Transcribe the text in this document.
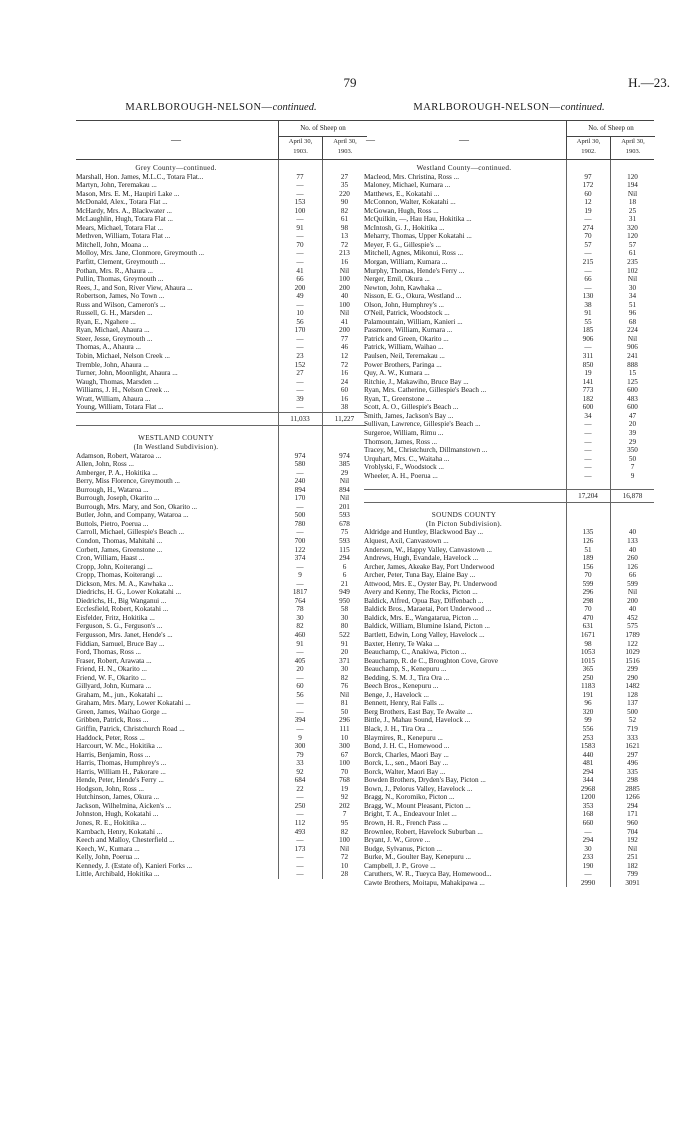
79	H.—23.
MARLBOROUGH-NELSON—continued.
—
No. of Sheep on
April 30,
1903.
April 30,
1903.
Grey County—continued.
Marshall, Hon. James, M.L.C., Totara Flat...	77	27
Martyn, John, Teremakau ...	—	35
Mason, Mrs. E. M., Haupiri Lake ...	—	220
McDonald, Alex., Totara Flat ...	153	90
McHardy, Mrs. A., Blackwater ...	100	82
McLaughlin, Hugh, Totara Flat ...	—	61
Mears, Michael, Totara Flat ...	91	98
Methven, William, Totara Flat ...	—	13
Mitchell, John, Moana ...	70	72
Molloy, Mrs. Jane, Clonmore, Greymouth ...	—	213
Parfitt, Clement, Greymouth ...	—	16
Pothan, Mrs. R., Ahaura ...	41	Nil
Pullin, Thomas, Greymouth ...	66	100
Rees, J., and Son, River View, Ahaura ...	200	200
Robertson, James, No Town ...	49	40
Russ and Wilson, Cameron's ...	—	100
Russell, G. H., Marsden ...	10	Nil
Ryan, E., Ngahere ...	56	41
Ryan, Michael, Ahaura ...	170	200
Steer, Jesse, Greymouth ...	—	77
Thomas, A., Ahaura ...	—	46
Tobin, Michael, Nelson Creek ...	23	12
Tremble, John, Ahaura ...	152	72
Turner, John, Moonlight, Ahaura ...	27	16
Waugh, Thomas, Marsden ...	—	24
Williams, J. H., Nelson Creek ...	—	60
Wratt, William, Ahaura ...	39	16
Young, William, Totara Flat ...	—	38
11,033	11,227
WESTLAND COUNTY
(In Westland Subdivision).
Adamson, Robert, Wataroa ...	974	974
Allen, John, Ross ...	580	385
Amberger, P. A., Hokitika ...	—	29
Berry, Miss Florence, Greymouth ...	240	Nil
Burrough, H., Wataroa ...	894	894
Burrough, Joseph, Okarito ...	170	Nil
Burrough, Mrs. Mary, and Son, Okarito ...	—	201
Butler, John, and Company, Wataroa ...	500	593
Buttols, Pietro, Poerua ...	780	678
Carroll, Michael, Gillespie's Beach ...	—	75
Condon, Thomas, Mahitahi ...	700	593
Corbett, James, Greenstone ...	122	115
Cron, William, Haast ...	374	294
Cropp, John, Koiterangi ...	—	6
Cropp, Thomas, Koiterangi ...	9	6
Dickson, Mrs. M. A., Kawhaka ...	—	21
Diedrichs, H. G., Lower Kokatahi ...	1817	949
Diedrichs, H., Big Wanganui ...	764	950
Ecclesfield, Robert, Kokatahi ...	78	58
Eisfelder, Fritz, Hokitika ...	30	30
Ferguson, S. G., Ferguson's ...	82	80
Fergusson, Mrs. Janet, Hende's ...	460	522
Fiddian, Samuel, Bruce Bay ...	91	91
Ford, Thomas, Ross ...	—	20
Fraser, Robert, Arawata ...	405	371
Friend, H. N., Okarito ...	20	30
Friend, W. F., Okarito ...	—	82
Gillyard, John, Kumara ...	60	76
Graham, M., jun., Kokatahi ...	56	Nil
Graham, Mrs. Mary, Lower Kokatahi ...	—	81
Green, James, Waihao Gorge ...	—	50
Gribben, Patrick, Ross ...	394	296
Griffin, Patrick, Christchurch Road ...	—	111
Haddock, Peter, Ross ...	9	10
Harcourt, W. Mc., Hokitika ...	300	300
Harris, Benjamin, Ross ...	79	67
Harris, Thomas, Humphrey's ...	33	100
Harris, William H., Pakorare ...	92	70
Hende, Peter, Hende's Ferry ...	684	768
Hodgson, John, Ross ...	22	19
Hutchinson, James, Okura ...	—	92
Jackson, Wilhelmina, Aicken's ...	250	202
Johnston, Hugh, Kokatahi ...	—	7
Jones, R. E., Hokitika ...	112	95
Karnbach, Henry, Kokatahi ...	493	82
Keech and Malloy, Chesterfield ...	—	100
Keech, W., Kumara ...	173	Nil
Kelly, John, Poerua ...	—	72
Kennedy, J. (Estate of), Kanieri Forks ...	—	10
Little, Archibald, Hokitika ...	—	28
MARLBOROUGH-NELSON—continued.
—	—
No. of Sheep on
April 30,
1902.
April 30,
1903.
Westland County—continued.
Macleod, Mrs. Christina, Ross ...	97	120
Maloney, Michael, Kumara ...	172	194
Matthews, E., Kokatahi ...	60	Nil
McConnon, Walter, Kokatahi ...	12	18
McGowan, Hugh, Ross ...	19	25
McQuilkin, —, Hau Hau, Hokitika ...	—	31
McIntosh, G. J., Hokitika ...	274	320
Meharry, Thomas, Upper Kokatahi ...	70	120
Meyer, F. G., Gillespie's ...	57	57
Mitchell, Agnes, Mikonui, Ross ...	—	61
Morgan, William, Kumara ...	215	235
Murphy, Thomas, Hende's Ferry ...	—	102
Nerger, Emil, Okura ...	66	Nil
Newton, John, Kawhaka ...	—	30
Nisson, E. G., Okura, Westland ...	130	34
Olson, John, Humphrey's ...	38	51
O'Neil, Patrick, Woodstock ...	91	96
Palamountain, William, Kanieri ...	55	68
Passmore, William, Kumara ...	185	224
Patrick and Green, Okarito ...	906	Nil
Patrick, William, Waihao ...	—	906
Paulsen, Neil, Teremakau ...	311	241
Power Brothers, Paringa ...	850	888
Quy, A. W., Kumara ...	19	15
Ritchie, J., Makawiho, Bruce Bay ...	141	125
Ryan, Mrs. Catherine, Gillespie's Beach ...	773	600
Ryan, T., Greenstone ...	182	483
Scott, A. O., Gillespie's Beach ...	600	600
Smith, James, Jackson's Bay ...	34	47
Sullivan, Lawrence, Gillespie's Beach ...	—	20
Surgeroe, William, Rimu ...	—	39
Thomson, James, Ross ...	—	29
Tracey, M., Christchurch, Dillmanstown ...	—	350
Urquhart, Mrs. C., Waitaha ...	—	50
Vroblyski, F., Woodstock ...	—	7
Wheeler, A. H., Poerua ...	—	9
17,204	16,878
SOUNDS COUNTY
(In Picton Subdivision).
Aldridge and Huntley, Blackwood Bay ...	135	40
Alquest, Axil, Canvastown ...	126	133
Anderson, W., Happy Valley, Canvastown ...	51	40
Andrews, Hugh, Evandale, Havelock ...	189	260
Archer, James, Akeake Bay, Port Underwood	156	126
Archer, Peter, Tuna Bay, Elaine Bay ...	70	66
Attwood, Mrs. E., Oyster Bay, Pt. Underwood	599	599
Avery and Kenny, The Rocks, Picton ...	296	Nil
Baldick, Alfred, Opua Bay, Diffenbach ...	298	200
Baldick Bros., Maraetai, Port Underwood ...	70	40
Baldick, Mrs. E., Wangatarua, Picton ...	470	452
Baldick, William, Blumine Island, Picton ...	631	575
Bartlett, Edwin, Long Valley, Havelock ...	1671	1789
Baxter, Henry, Te Waka ...	98	122
Beauchamp, C., Anakiwa, Picton ...	1053	1029
Beauchamp, R. de C., Broughton Cove, Grove	1015	1516
Beauchamp, S., Kenepuru ...	365	299
Bedding, S. M. J., Tira Ora ...	250	290
Beech Bros., Kenepuru ...	1183	1482
Benge, J., Havelock ...	191	128
Bennett, Henry, Rai Falls ...	96	137
Berg Brothers, East Bay, Te Awaite ...	320	500
Bittle, J., Mahau Sound, Havelock ...	99	52
Black, J. H., Tira Ora ...	556	719
Blaymires, R., Kenepuru ...	253	333
Bond, J. H. C., Homewood ...	1583	1621
Borck, Charles, Maori Bay ...	440	297
Borck, L., sen., Maori Bay ...	481	496
Borck, Walter, Maori Bay ...	294	335
Bowden Brothers, Dryden's Bay, Picton ...	344	298
Bown, J., Pelorus Valley, Havelock ...	2968	2885
Bragg, N., Koromiko, Picton ...	1200	1266
Bragg, W., Mount Pleasant, Picton ...	353	294
Bright, T. A., Endeavour Inlet ...	168	171
Brown, H. R., French Pass ...	660	960
Brownlee, Robert, Havelock Suburban ...	—	704
Bryant, J. W., Grove ...	294	192
Budge, Sylvanus, Picton ...	30	Nil
Burke, M., Goulter Bay, Kenepuru ...	233	251
Campbell, J. P., Grove ...	190	182
Caruthers, W. R., Tueyca Bay, Homewood...	—	799
Cawte Brothers, Moitapu, Mahakipawa ...	2990	3091
